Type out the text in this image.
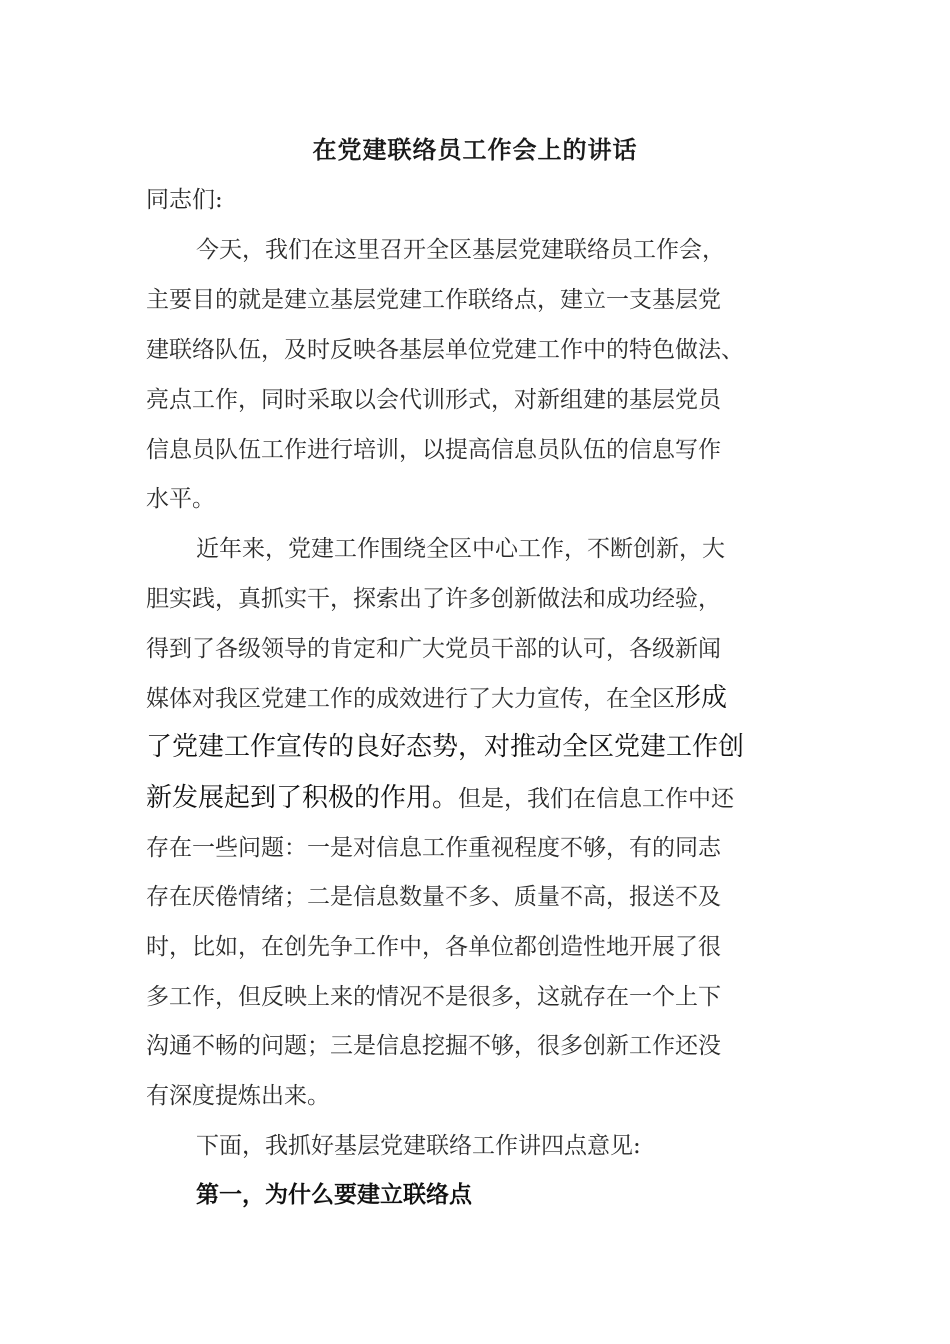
在党建联络员工作会上的讲话
同志们:
今天，我们在这里召开全区基层党建联络员工作会，
主要目的就是建立基层党建工作联络点，建立一支基层党
建联络队伍，及时反映各基层单位党建工作中的特色做法、
亮点工作，同时采取以会代训形式，对新组建的基层党员
信息员队伍工作进行培训，以提高信息员队伍的信息写作
水平。
近年来，党建工作围绕全区中心工作，不断创新，大
胆实践，真抓实干，探索出了许多创新做法和成功经验，
得到了各级领导的肯定和广大党员干部的认可，各级新闻
媒体对我区党建工作的成效进行了大力宣传，在全区形成
了党建工作宣传的良好态势，对推动全区党建工作创
新发展起到了积极的作用。但是，我们在信息工作中还
存在一些问题：一是对信息工作重视程度不够，有的同志
存在厌倦情绪；二是信息数量不多、质量不高，报送不及
时，比如，在创先争工作中，各单位都创造性地开展了很
多工作，但反映上来的情况不是很多，这就存在一个上下
沟通不畅的问题；三是信息挖掘不够，很多创新工作还没
有深度提炼出来。
下面，我抓好基层党建联络工作讲四点意见:
第一，为什么要建立联络点
